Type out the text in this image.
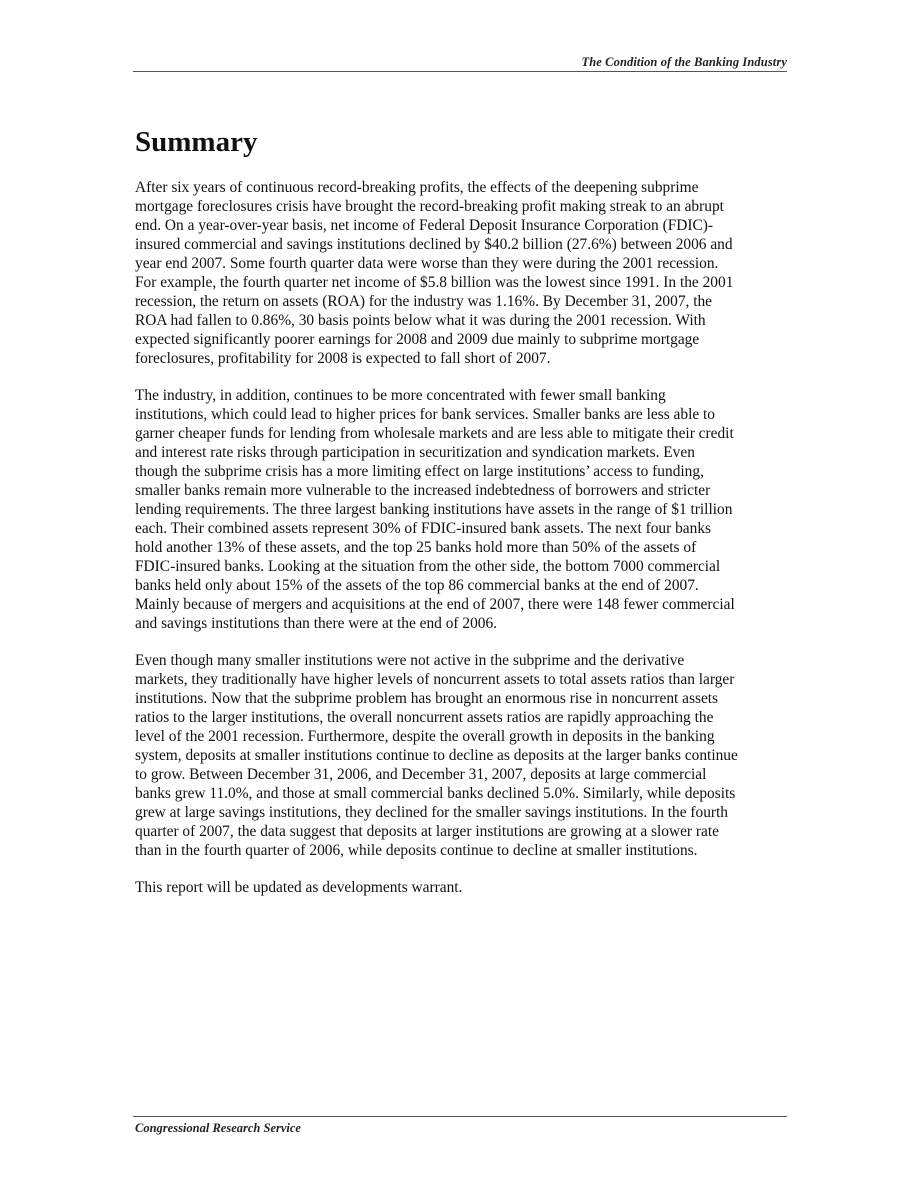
The Condition of the Banking Industry
Summary

After six years of continuous record-breaking profits, the effects of the deepening subprime
mortgage foreclosures crisis have brought the record-breaking profit making streak to an abrupt
end. On a year-over-year basis, net income of Federal Deposit Insurance Corporation (FDIC)-
insured commercial and savings institutions declined by $40.2 billion (27.6%) between 2006 and
year end 2007. Some fourth quarter data were worse than they were during the 2001 recession.
For example, the fourth quarter net income of $5.8 billion was the lowest since 1991. In the 2001
recession, the return on assets (ROA) for the industry was 1.16%. By December 31, 2007, the
ROA had fallen to 0.86%, 30 basis points below what it was during the 2001 recession. With
expected significantly poorer earnings for 2008 and 2009 due mainly to subprime mortgage
foreclosures, profitability for 2008 is expected to fall short of 2007.

The industry, in addition, continues to be more concentrated with fewer small banking
institutions, which could lead to higher prices for bank services. Smaller banks are less able to
garner cheaper funds for lending from wholesale markets and are less able to mitigate their credit
and interest rate risks through participation in securitization and syndication markets. Even
though the subprime crisis has a more limiting effect on large institutions’ access to funding,
smaller banks remain more vulnerable to the increased indebtedness of borrowers and stricter
lending requirements. The three largest banking institutions have assets in the range of $1 trillion
each. Their combined assets represent 30% of FDIC-insured bank assets. The next four banks
hold another 13% of these assets, and the top 25 banks hold more than 50% of the assets of
FDIC-insured banks. Looking at the situation from the other side, the bottom 7000 commercial
banks held only about 15% of the assets of the top 86 commercial banks at the end of 2007.
Mainly because of mergers and acquisitions at the end of 2007, there were 148 fewer commercial
and savings institutions than there were at the end of 2006.

Even though many smaller institutions were not active in the subprime and the derivative
markets, they traditionally have higher levels of noncurrent assets to total assets ratios than larger
institutions. Now that the subprime problem has brought an enormous rise in noncurrent assets
ratios to the larger institutions, the overall noncurrent assets ratios are rapidly approaching the
level of the 2001 recession. Furthermore, despite the overall growth in deposits in the banking
system, deposits at smaller institutions continue to decline as deposits at the larger banks continue
to grow. Between December 31, 2006, and December 31, 2007, deposits at large commercial
banks grew 11.0%, and those at small commercial banks declined 5.0%. Similarly, while deposits
grew at large savings institutions, they declined for the smaller savings institutions. In the fourth
quarter of 2007, the data suggest that deposits at larger institutions are growing at a slower rate
than in the fourth quarter of 2006, while deposits continue to decline at smaller institutions.

This report will be updated as developments warrant.

Congressional Research Service
